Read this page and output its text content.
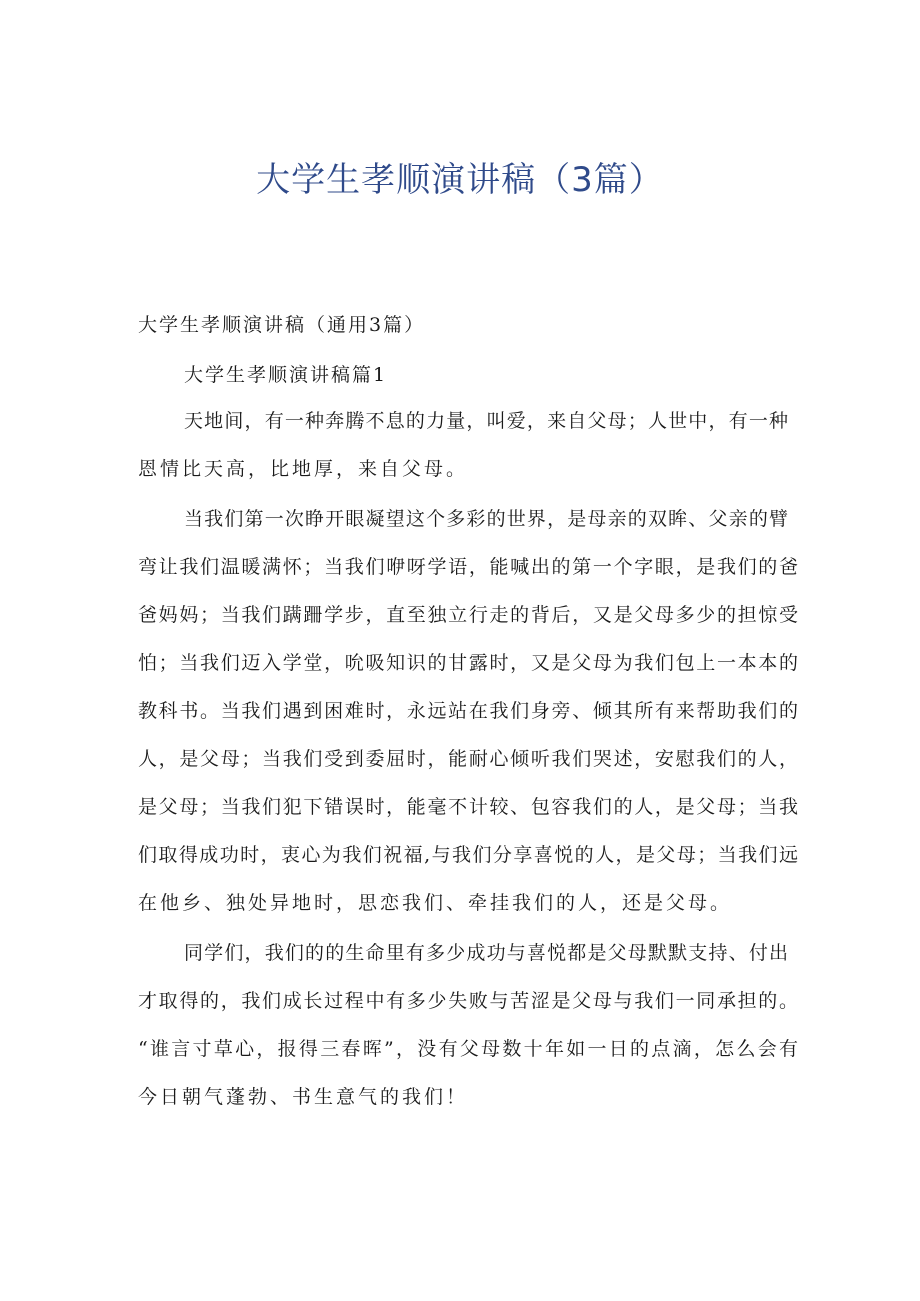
大学生孝顺演讲稿（3篇）
大学生孝顺演讲稿（通用3篇）
大学生孝顺演讲稿篇1
天地间，有一种奔腾不息的力量，叫爱，来自父母；人世中，有一种
恩情比天高，比地厚，来自父母。
当我们第一次睁开眼凝望这个多彩的世界，是母亲的双眸、父亲的臂
弯让我们温暖满怀；当我们咿呀学语，能喊出的第一个字眼，是我们的爸
爸妈妈；当我们蹒跚学步，直至独立行走的背后，又是父母多少的担惊受
怕；当我们迈入学堂，吮吸知识的甘露时，又是父母为我们包上一本本的
教科书。当我们遇到困难时，永远站在我们身旁、倾其所有来帮助我们的
人，是父母；当我们受到委屈时，能耐心倾听我们哭述，安慰我们的人，
是父母；当我们犯下错误时，能毫不计较、包容我们的人，是父母；当我
们取得成功时，衷心为我们祝福,与我们分享喜悦的人，是父母；当我们远
在他乡、独处异地时，思恋我们、牵挂我们的人，还是父母。
同学们，我们的的生命里有多少成功与喜悦都是父母默默支持、付出
才取得的，我们成长过程中有多少失败与苦涩是父母与我们一同承担的。
“谁言寸草心，报得三春晖”，没有父母数十年如一日的点滴，怎么会有
今日朝气蓬勃、书生意气的我们！
